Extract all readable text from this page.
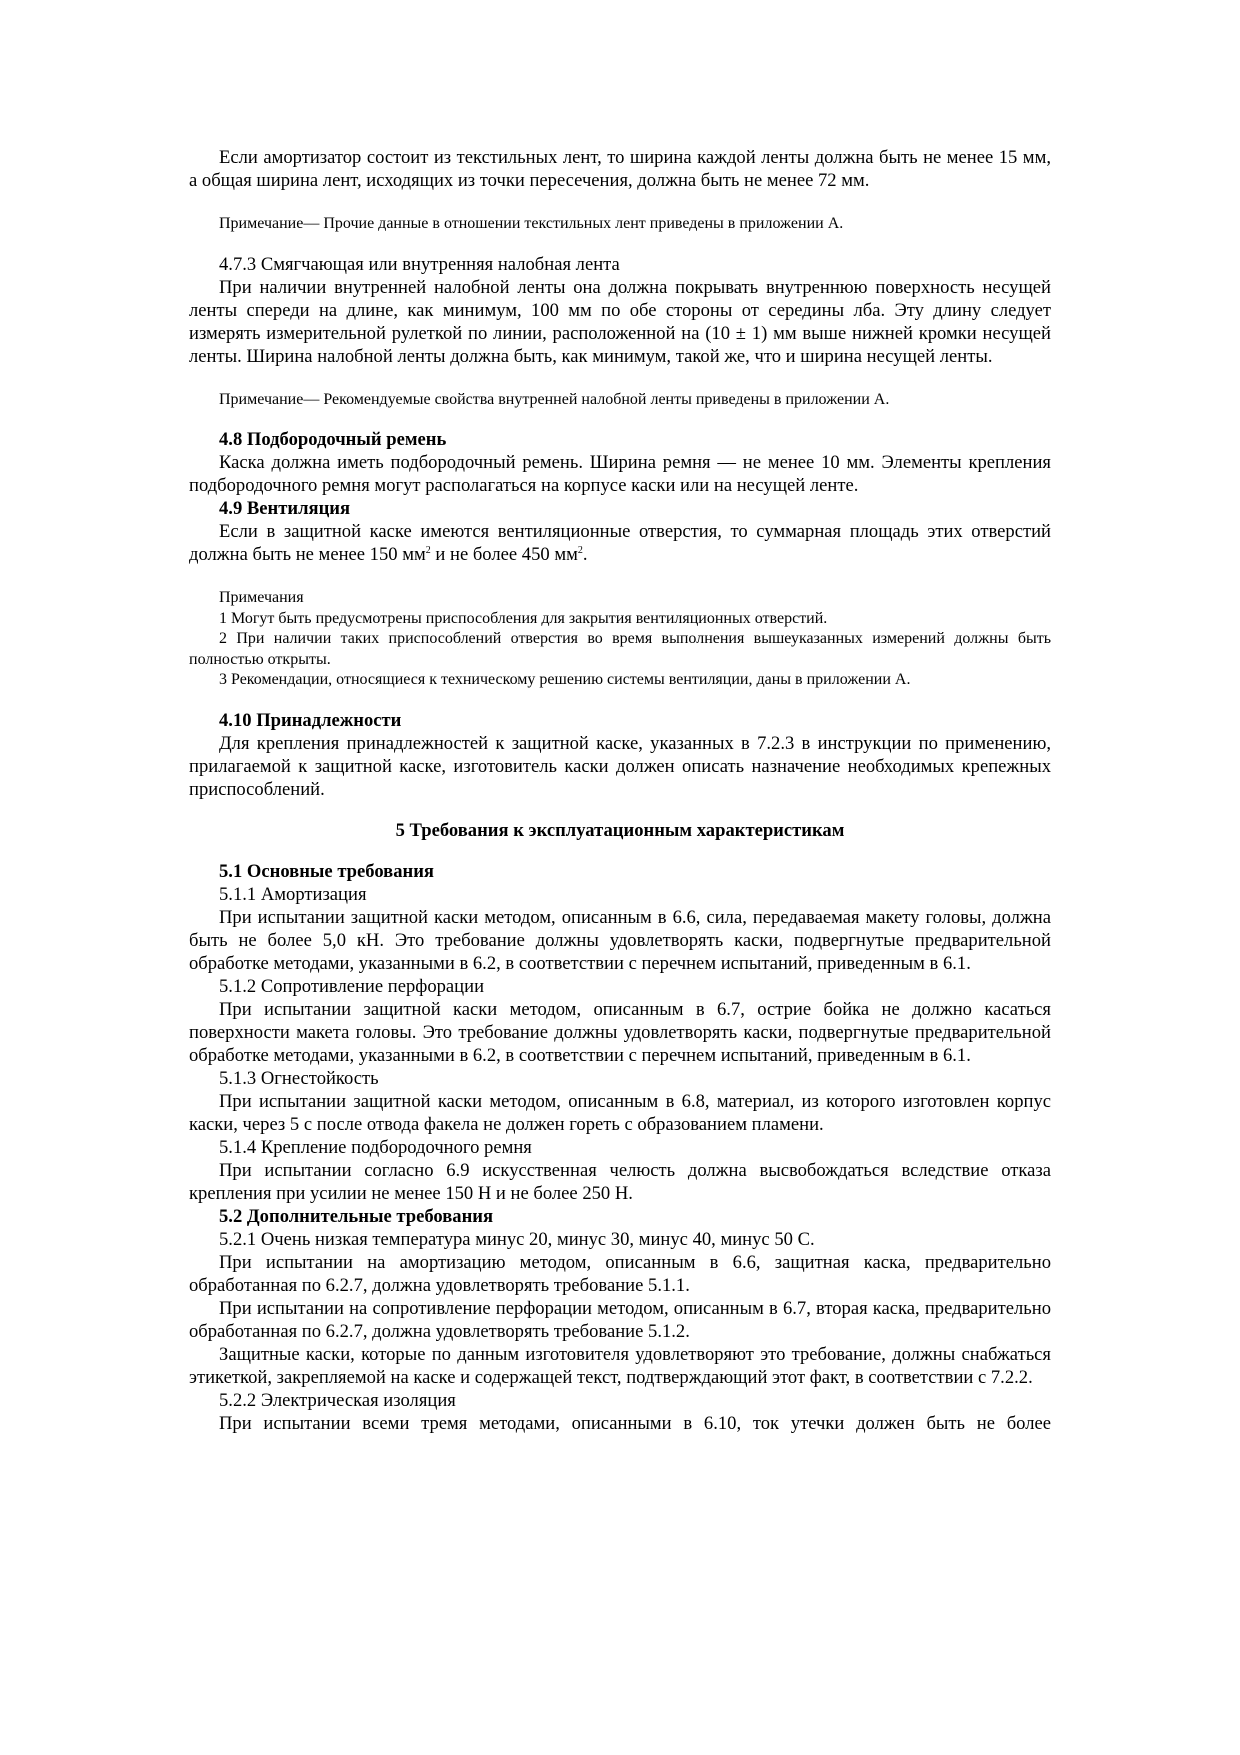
Если амортизатор состоит из текстильных лент, то ширина каждой ленты должна быть не менее 15 мм, а общая ширина лент, исходящих из точки пересечения, должна быть не менее 72 мм.

Примечание— Прочие данные в отношении текстильных лент приведены в приложении А.

4.7.3 Смягчающая или внутренняя налобная лента

При наличии внутренней налобной ленты она должна покрывать внутреннюю поверхность несущей ленты спереди на длине, как минимум, 100 мм по обе стороны от середины лба. Эту длину следует измерять измерительной рулеткой по линии, расположенной на (10 ± 1) мм выше нижней кромки несущей ленты. Ширина налобной ленты должна быть, как минимум, такой же, что и ширина несущей ленты.

Примечание— Рекомендуемые свойства внутренней налобной ленты приведены в приложении А.

4.8 Подбородочный ремень

Каска должна иметь подбородочный ремень. Ширина ремня — не менее 10 мм. Элементы крепления подбородочного ремня могут располагаться на корпусе каски или на несущей ленте.

4.9 Вентиляция

Если в защитной каске имеются вентиляционные отверстия, то суммарная площадь этих отверстий должна быть не менее 150 $мм^2$ и не более 450 $мм^2$.

Примечания

1 Могут быть предусмотрены приспособления для закрытия вентиляционных отверстий.

2 При наличии таких приспособлений отверстия во время выполнения вышеуказанных измерений должны быть полностью открыты.

3 Рекомендации, относящиеся к техническому решению системы вентиляции, даны в приложении А.

4.10 Принадлежности

Для крепления принадлежностей к защитной каске, указанных в 7.2.3 в инструкции по применению, прилагаемой к защитной каске, изготовитель каски должен описать назначение необходимых крепежных приспособлений.

5 Требования к эксплуатационным характеристикам

5.1 Основные требования

5.1.1 Амортизация

При испытании защитной каски методом, описанным в 6.6, сила, передаваемая макету головы, должна быть не более 5,0 кН. Это требование должны удовлетворять каски, подвергнутые предварительной обработке методами, указанными в 6.2, в соответствии с перечнем испытаний, приведенным в 6.1.

5.1.2 Сопротивление перфорации

При испытании защитной каски методом, описанным в 6.7, острие бойка не должно касаться поверхности макета головы. Это требование должны удовлетворять каски, подвергнутые предварительной обработке методами, указанными в 6.2, в соответствии с перечнем испытаний, приведенным в 6.1.

5.1.3 Огнестойкость

При испытании защитной каски методом, описанным в 6.8, материал, из которого изготовлен корпус каски, через 5 с после отвода факела не должен гореть с образованием пламени.

5.1.4 Крепление подбородочного ремня

При испытании согласно 6.9 искусственная челюсть должна высвобождаться вследствие отказа крепления при усилии не менее 150 Н и не более 250 Н.

5.2 Дополнительные требования

5.2.1 Очень низкая температура минус 20, минус 30, минус 40, минус 50 С.

При испытании на амортизацию методом, описанным в 6.6, защитная каска, предварительно обработанная по 6.2.7, должна удовлетворять требование 5.1.1.

При испытании на сопротивление перфорации методом, описанным в 6.7, вторая каска, предварительно обработанная по 6.2.7, должна удовлетворять требование 5.1.2.

Защитные каски, которые по данным изготовителя удовлетворяют это требование, должны снабжаться этикеткой, закрепляемой на каске и содержащей текст, подтверждающий этот факт, в соответствии с 7.2.2.

5.2.2 Электрическая изоляция

При испытании всеми тремя методами, описанными в 6.10, ток утечки должен быть не более
